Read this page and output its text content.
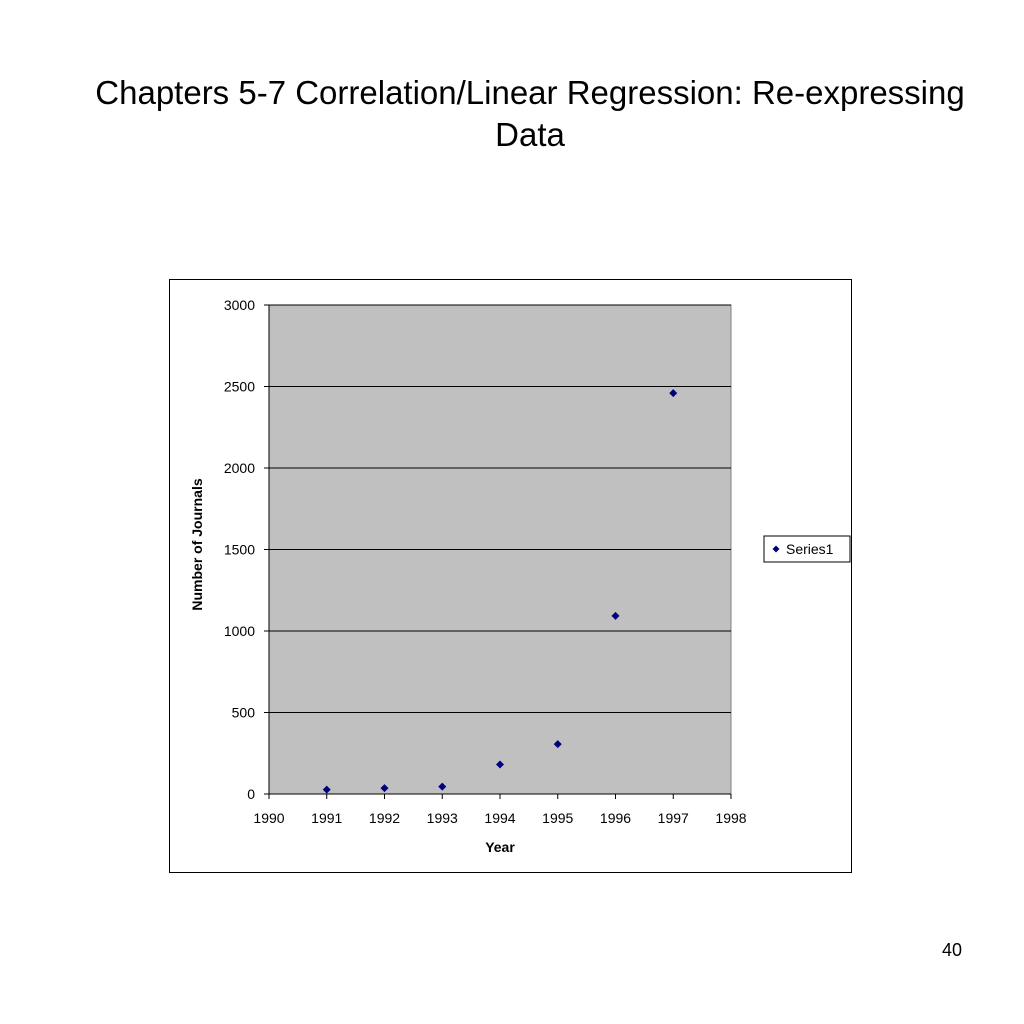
Chapters 5-7 Correlation/Linear Regression: Re-expressing
Data
0
500
1000
1500
2000
2500
3000
1990 1991 1992 1993 1994 1995 1996 1997 1998
Year
Number of Journals	Series1
40
